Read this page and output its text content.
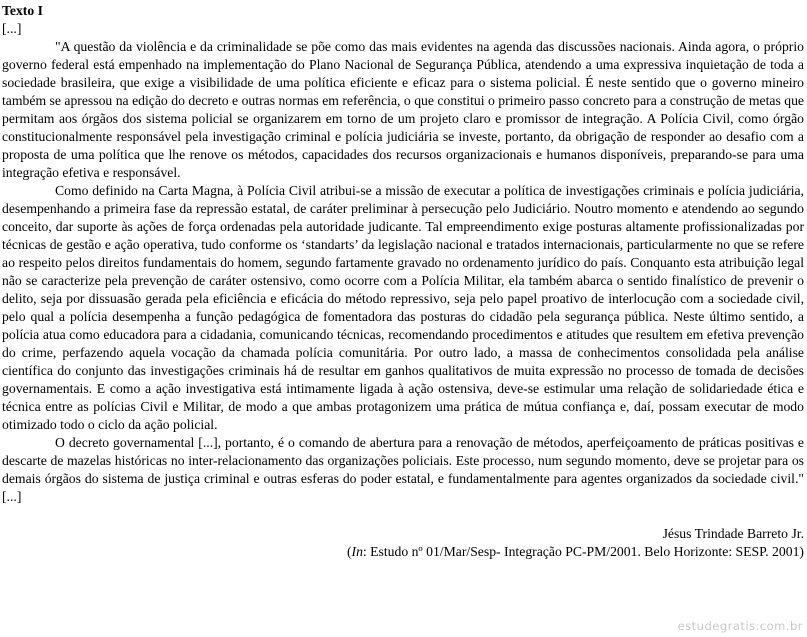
Texto I
[...]

"A questão da violência e da criminalidade se põe como das mais evidentes na agenda das discussões nacionais. Ainda agora, o próprio governo federal está empenhado na implementação do Plano Nacional de Segurança Pública, atendendo a uma expressiva inquietação de toda a sociedade brasileira, que exige a visibilidade de uma política eficiente e eficaz para o sistema policial. É neste sentido que o governo mineiro também se apressou na edição do decreto e outras normas em referência, o que constitui o primeiro passo concreto para a construção de metas que permitam aos órgãos dos sistema policial se organizarem em torno de um projeto claro e promissor de integração. A Polícia Civil, como órgão constitucionalmente responsável pela investigação criminal e polícia judiciária se investe, portanto, da obrigação de responder ao desafio com a proposta de uma política que lhe renove os métodos, capacidades dos recursos organizacionais e humanos disponíveis, preparando-se para uma integração efetiva e responsável.

Como definido na Carta Magna, à Polícia Civil atribui-se a missão de executar a política de investigações criminais e polícia judiciária, desempenhando a primeira fase da repressão estatal, de caráter preliminar à persecução pelo Judiciário. Noutro momento e atendendo ao segundo conceito, dar suporte às ações de força ordenadas pela autoridade judicante. Tal empreendimento exige posturas altamente profissionalizadas por técnicas de gestão e ação operativa, tudo conforme os ‘standarts’ da legislação nacional e tratados internacionais, particularmente no que se refere ao respeito pelos direitos fundamentais do homem, segundo fartamente gravado no ordenamento jurídico do país. Conquanto esta atribuição legal não se caracterize pela prevenção de caráter ostensivo, como ocorre com a Polícia Militar, ela também abarca o sentido finalístico de prevenir o delito, seja por dissuasão gerada pela eficiência e eficácia do método repressivo, seja pelo papel proativo de interlocução com a sociedade civil, pelo qual a polícia desempenha a função pedagógica de fomentadora das posturas do cidadão pela segurança pública. Neste último sentido, a polícia atua como educadora para a cidadania, comunicando técnicas, recomendando procedimentos e atitudes que resultem em efetiva prevenção do crime, perfazendo aquela vocação da chamada polícia comunitária. Por outro lado, a massa de conhecimentos consolidada pela análise científica do conjunto das investigações criminais há de resultar em ganhos qualitativos de muita expressão no processo de tomada de decisões governamentais. E como a ação investigativa está intimamente ligada à ação ostensiva, deve-se estimular uma relação de solidariedade ética e técnica entre as polícias Civil e Militar, de modo a que ambas protagonizem uma prática de mútua confiança e, daí, possam executar de modo otimizado todo o ciclo da ação policial.

O decreto governamental [...], portanto, é o comando de abertura para a renovação de métodos, aperfeiçoamento de práticas positivas e descarte de mazelas históricas no inter-relacionamento das organizações policiais. Este processo, num segundo momento, deve se projetar para os demais órgãos do sistema de justiça criminal e outras esferas do poder estatal, e fundamentalmente para agentes organizados da sociedade civil."[...]

Jésus Trindade Barreto Jr.
(In: Estudo nº 01/Mar/Sesp- Integração PC-PM/2001. Belo Horizonte: SESP. 2001)
estudegratis.com.br
